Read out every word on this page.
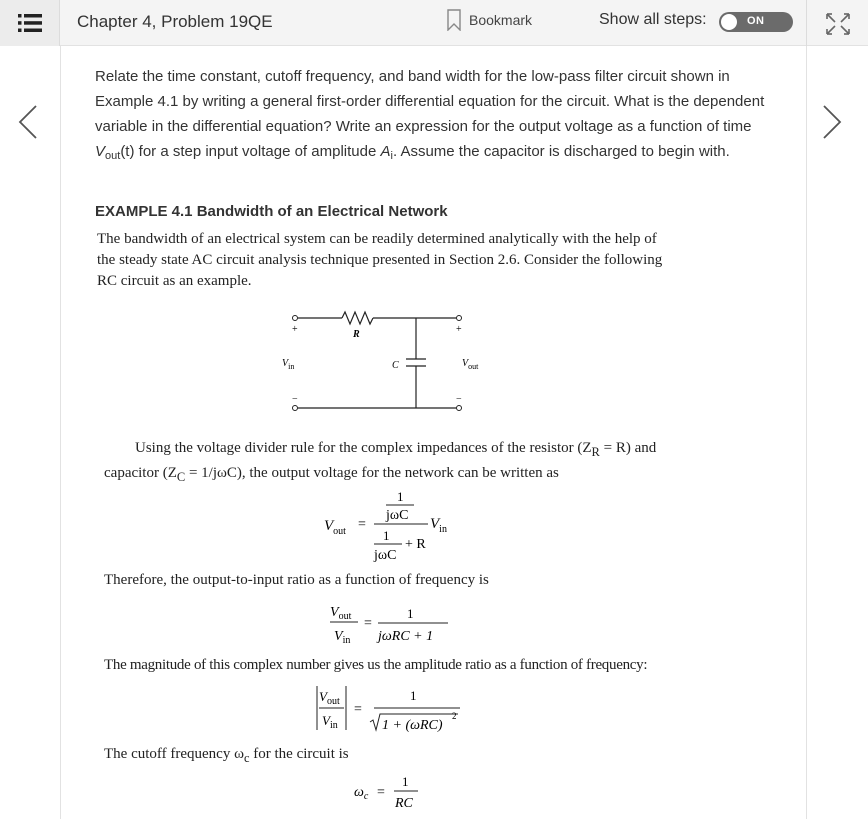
Chapter 4, Problem 19QE	Bookmark	Show all steps:	ON
Relate the time constant, cutoff frequency, and band width for the low-pass filter circuit shown in Example 4.1 by writing a general first-order differential equation for the circuit. What is the dependent variable in the differential equation? Write an expression for the output voltage as a function of time $V_{out}(t)$ for a step input voltage of amplitude $A_i$. Assume the capacitor is discharged to begin with.
EXAMPLE 4.1 Bandwidth of an Electrical Network
The bandwidth of an electrical system can be readily determined analytically with the help of the steady state AC circuit analysis technique presented in Section 2.6. Consider the following RC circuit as an example.
R
C
+	+
−	−
$V_{in}$	$V_{out}$
Using the voltage divider rule for the complex impedances of the resistor $(Z_R = R)$ and capacitor $(Z_C = 1/j\omega C)$, the output voltage for the network can be written as
$V_{out}$ =
1
jωC
1
jωC
+ R
$V_{in}$
Therefore, the output-to-input ratio as a function of frequency is
$V_{out}$
$V_{in}$
=
1
jωRC + 1
The magnitude of this complex number gives us the amplitude ratio as a function of frequency:
$V_{out}$
$V_{in}$
=
1
1 + (ωRC)
2
The cutoff frequency $\omega_c$ for the circuit is
$\omega_c$ =
1
RC
